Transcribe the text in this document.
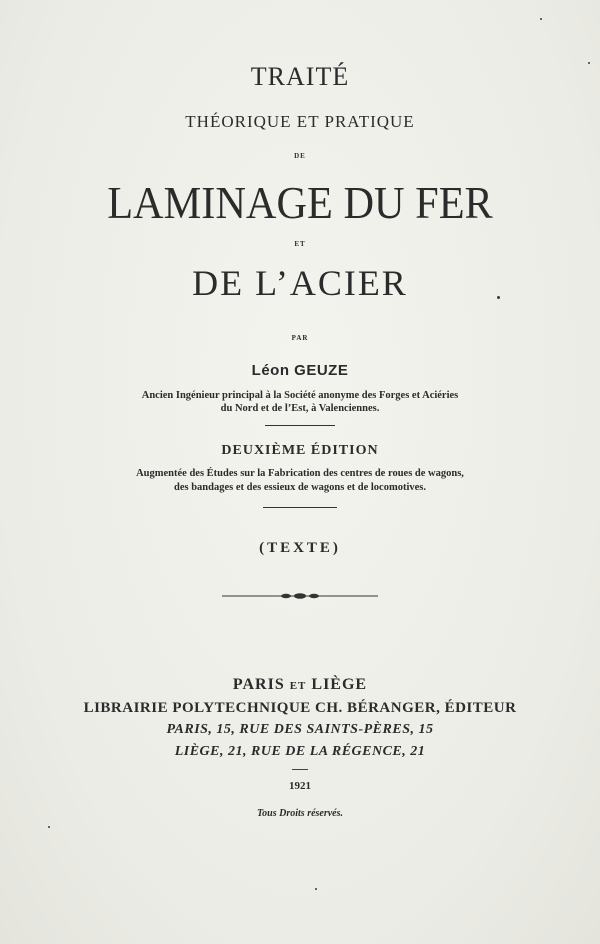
TRAITÉ
THÉORIQUE ET PRATIQUE
DE
LAMINAGE DU FER
ET
DE L’ACIER
PAR
Léon GEUZE
Ancien Ingénieur principal à la Société anonyme des Forges et Aciéries
du Nord et de l’Est, à Valenciennes.
DEUXIÈME ÉDITION
Augmentée des Études sur la Fabrication des centres de roues de wagons,
des bandages et des essieux de wagons et de locomotives.
(TEXTE)
PARIS ET LIÈGE
LIBRAIRIE POLYTECHNIQUE CH. BÉRANGER, ÉDITEUR
PARIS, 15, RUE DES SAINTS-PÈRES, 15
LIÈGE, 21, RUE DE LA RÉGENCE, 21
1921
Tous Droits réservés.
